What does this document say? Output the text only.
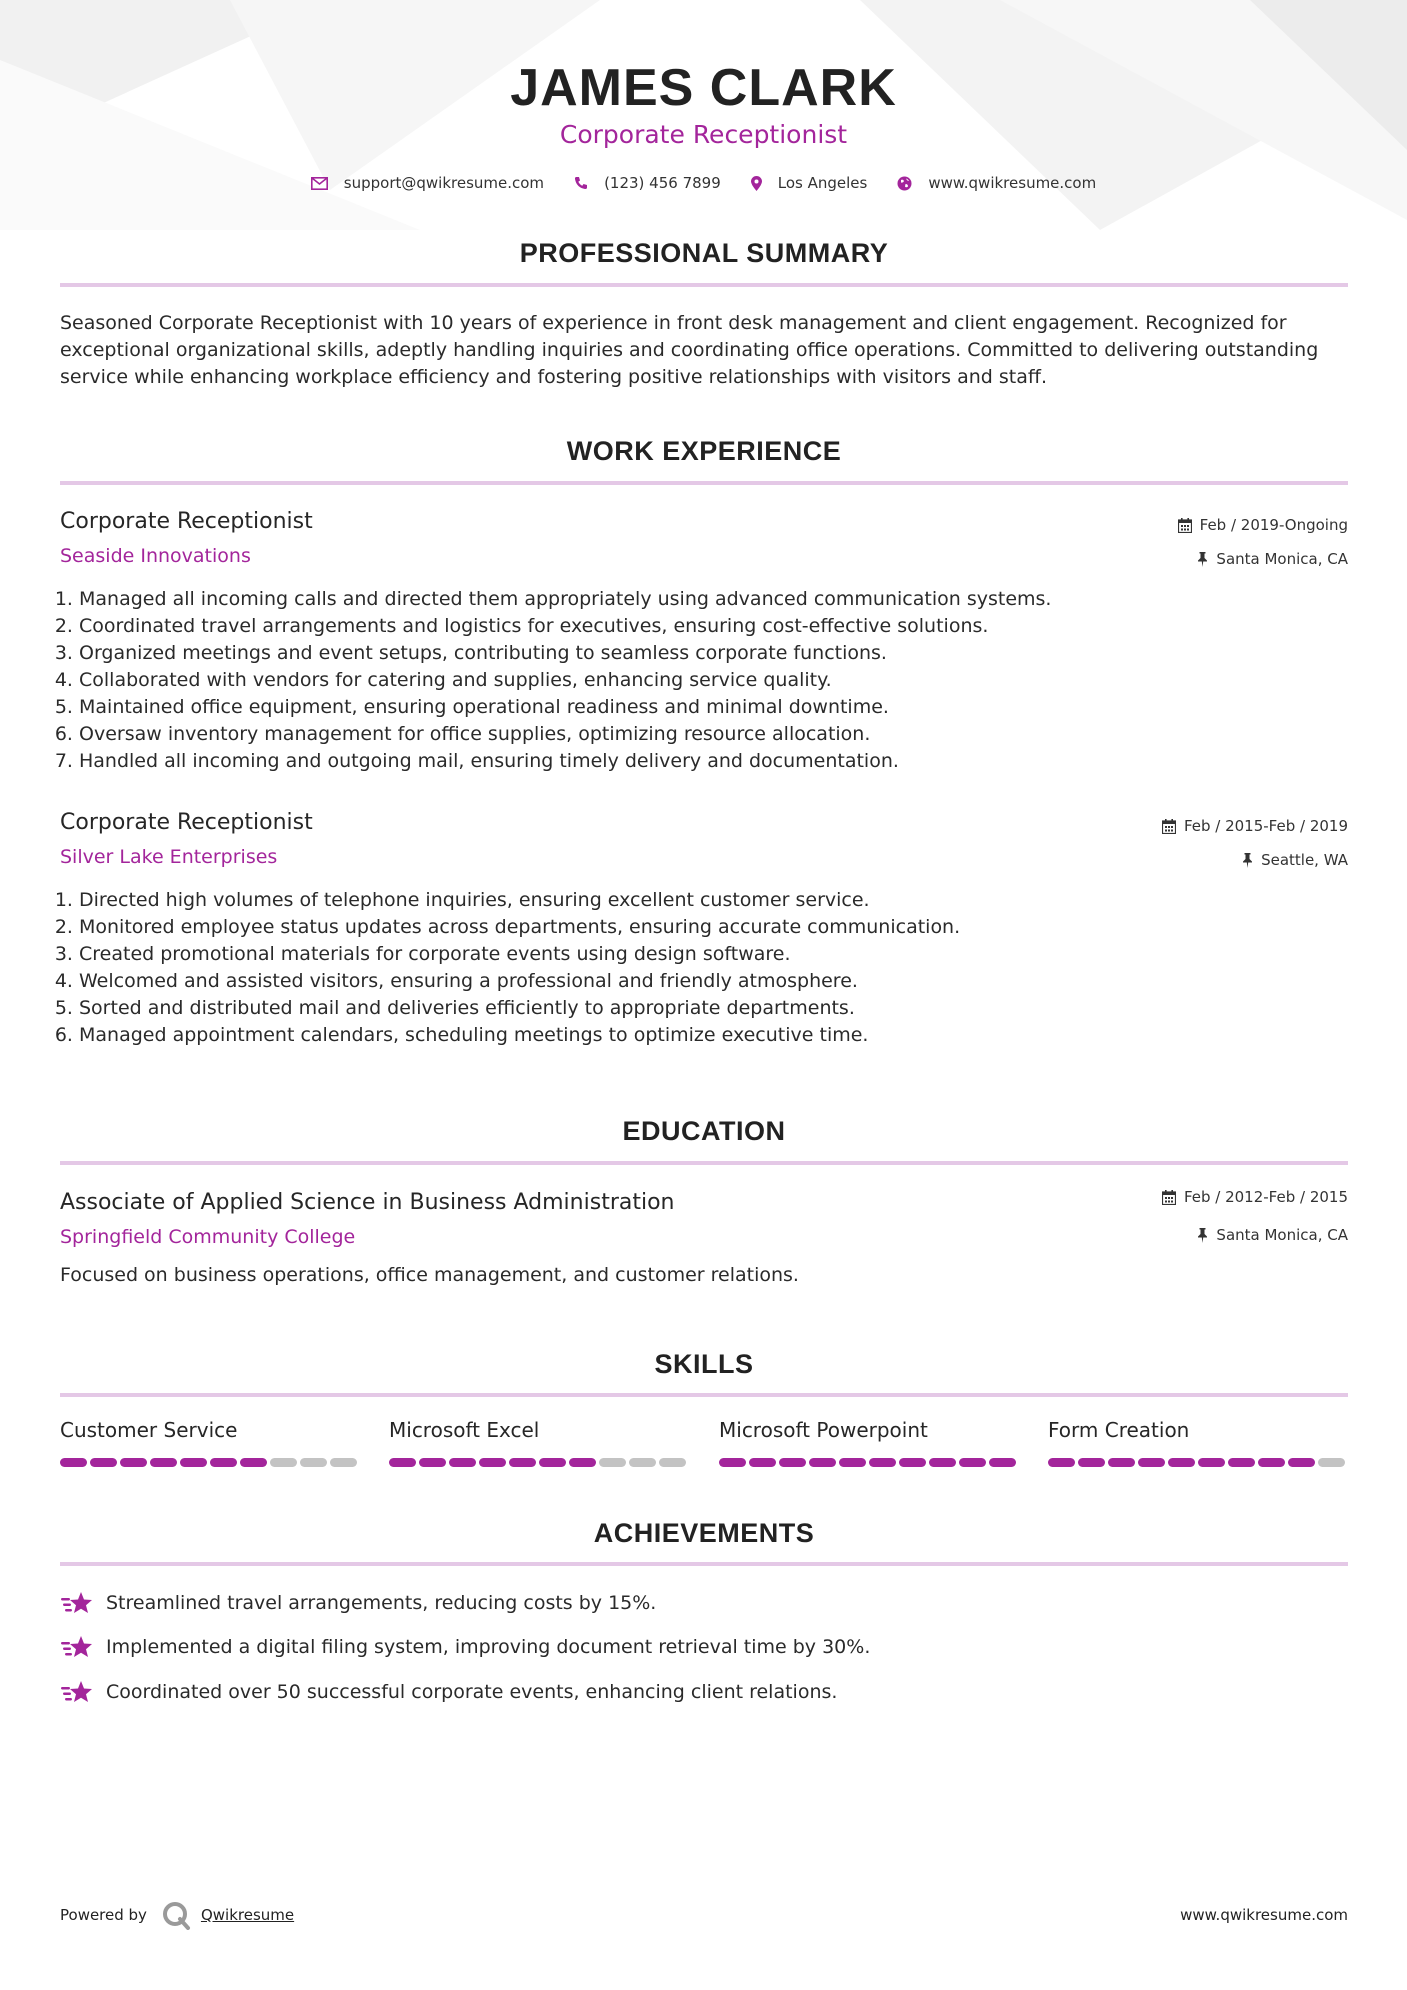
JAMES CLARK
Corporate Receptionist
support@qwikresume.com	(123) 456 7899	Los Angeles	www.qwikresume.com
PROFESSIONAL SUMMARY
Seasoned Corporate Receptionist with 10 years of experience in front desk management and client engagement. Recognized for exceptional organizational skills, adeptly handling inquiries and coordinating office operations. Committed to delivering outstanding service while enhancing workplace efficiency and fostering positive relationships with visitors and staff.
WORK EXPERIENCE
Corporate Receptionist
Seaside Innovations
Feb / 2019-Ongoing
Santa Monica, CA
1. Managed all incoming calls and directed them appropriately using advanced communication systems.
2. Coordinated travel arrangements and logistics for executives, ensuring cost-effective solutions.
3. Organized meetings and event setups, contributing to seamless corporate functions.
4. Collaborated with vendors for catering and supplies, enhancing service quality.
5. Maintained office equipment, ensuring operational readiness and minimal downtime.
6. Oversaw inventory management for office supplies, optimizing resource allocation.
7. Handled all incoming and outgoing mail, ensuring timely delivery and documentation.
Corporate Receptionist
Silver Lake Enterprises
Feb / 2015-Feb / 2019
Seattle, WA
1. Directed high volumes of telephone inquiries, ensuring excellent customer service.
2. Monitored employee status updates across departments, ensuring accurate communication.
3. Created promotional materials for corporate events using design software.
4. Welcomed and assisted visitors, ensuring a professional and friendly atmosphere.
5. Sorted and distributed mail and deliveries efficiently to appropriate departments.
6. Managed appointment calendars, scheduling meetings to optimize executive time.
EDUCATION
Associate of Applied Science in Business Administration
Springfield Community College
Feb / 2012-Feb / 2015
Santa Monica, CA
Focused on business operations, office management, and customer relations.
SKILLS
Customer Service	Microsoft Excel	Microsoft Powerpoint	Form Creation
ACHIEVEMENTS
Streamlined travel arrangements, reducing costs by 15%.
Implemented a digital filing system, improving document retrieval time by 30%.
Coordinated over 50 successful corporate events, enhancing client relations.
Powered by	Qwikresume	www.qwikresume.com
